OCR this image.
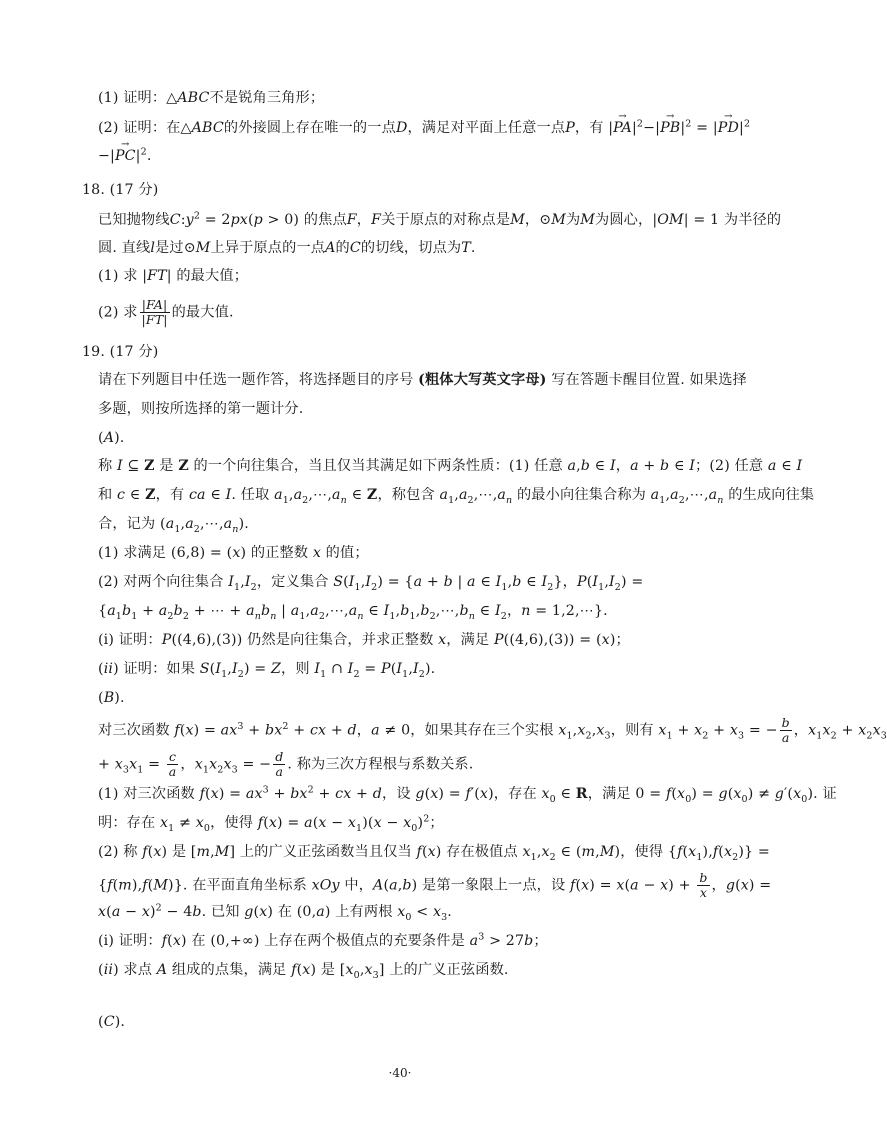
(1) 证明：△ABC不是锐角三角形；
(2) 证明：在△ABC的外接圆上存在唯一的一点D，满足对平面上任意一点P，有 |→ $PA|^2-|\to PB|^2$ = |→ $PD|^2$
−|→ $PC|^2$.
18. (17 分)
已知抛物线$C:y^2 = 2px(p > 0)$ 的焦点F，F关于原点的对称点是M，⊙M为M为圆心，|OM| = 1 为半径的
圆. 直线l是过⊙M上异于原点的一点A的C的切线，切点为T.
(1) 求 |FT| 的最大值；
(2) 求 $\frac{|FA|}{|FT|}$ 的最大值.
19. (17 分)
请在下列题目中任选一题作答，将选择题目的序号 (粗体大写英文字母) 写在答题卡醒目位置. 如果选择
多题，则按所选择的第一题计分.
(A).
称 I ⊆ Z 是 Z 的一个向往集合，当且仅当其满足如下两条性质：(1) 任意 a,b ∈ I，a + b ∈ I；(2) 任意 a ∈ I
和 c ∈ Z，有 ca ∈ I. 任取 $a_1,a_2,\cdots,a_n$ ∈ Z，称包含 $a_1,a_2,\cdots,a_n$ 的最小向往集合称为 $a_1,a_2,\cdots,a_n$ 的生成向往集
合，记为 $(a_1,a_2,\cdots,a_n)$.
(1) 求满足 (6,8) = (x) 的正整数 x 的值；
(2) 对两个向往集合 $I_1,I_2$，定义集合 $S(I_1,I_2) = \{a + b$ | a ∈ $I_1,b$ ∈ $I_2$}，$P(I_1,I_2)$ =
{$a_1b_1 + a_2b_2$ + ⋯ + $a_nb_n$ | $a_1,a_2,\cdots,a_n$ ∈ $I_1,b_1,b_2,\cdots,b_n$ ∈ $I_2$，n = 1,2,⋯}.
(i) 证明：P((4,6),(3)) 仍然是向往集合，并求正整数 x，满足 P((4,6),(3)) = (x)；
(ii) 证明：如果 $S(I_1,I_2) = Z$，则 $I_1$ ∩ $I_2 = P(I_1,I_2)$.
(B).
对三次函数 $f(x) = ax^3 + bx^2$ + cx + d，a ≠ 0，如果其存在三个实根 $x_1,x_2,x_3$，则有 $x_1 + x_2 + x_3$ = − $\frac{b}{a}$ ，$x_1x_2 + x_2x_3$
+ $x_3x_1 = \frac{c}{a}$ ，$x_1x_2x_3$ = − $\frac{d}{a}$ . 称为三次方程根与系数关系.
(1) 对三次函数 $f(x) = ax^3 + bx^2$ + cx + d，设 g(x) = f′(x)，存在 $x_0$ ∈ R，满足 $0 = f(x_0) = g(x_0) \ne g'(x_0)$. 证
明：存在 $x_1 \ne x_0$，使得 $f(x) = a(x - x_1)(x - x_0)^2$；
(2) 称 f(x) 是 [m,M] 上的广义正弦函数当且仅当 f(x) 存在极值点 $x_1,x_2$ ∈ (m,M)，使得 $\{f(x_1),f(x_2)\}$ =
{f(m),f(M)}. 在平面直角坐标系 xOy 中，A(a,b) 是第一象限上一点，设 $f(x) = x(a - x) + \frac{b}{x}$ ，g(x) =
$x(a - x)^2 - 4b$. 已知 g(x) 在 (0,a) 上有两根 $x_0 < x_3$.
(i) 证明：f(x) 在 (0,+∞) 上存在两个极值点的充要条件是 $a^3 > 27b$；
(ii) 求点 A 组成的点集，满足 f(x) 是 $[x_0,x_3]$ 上的广义正弦函数.
(C).
·40·
